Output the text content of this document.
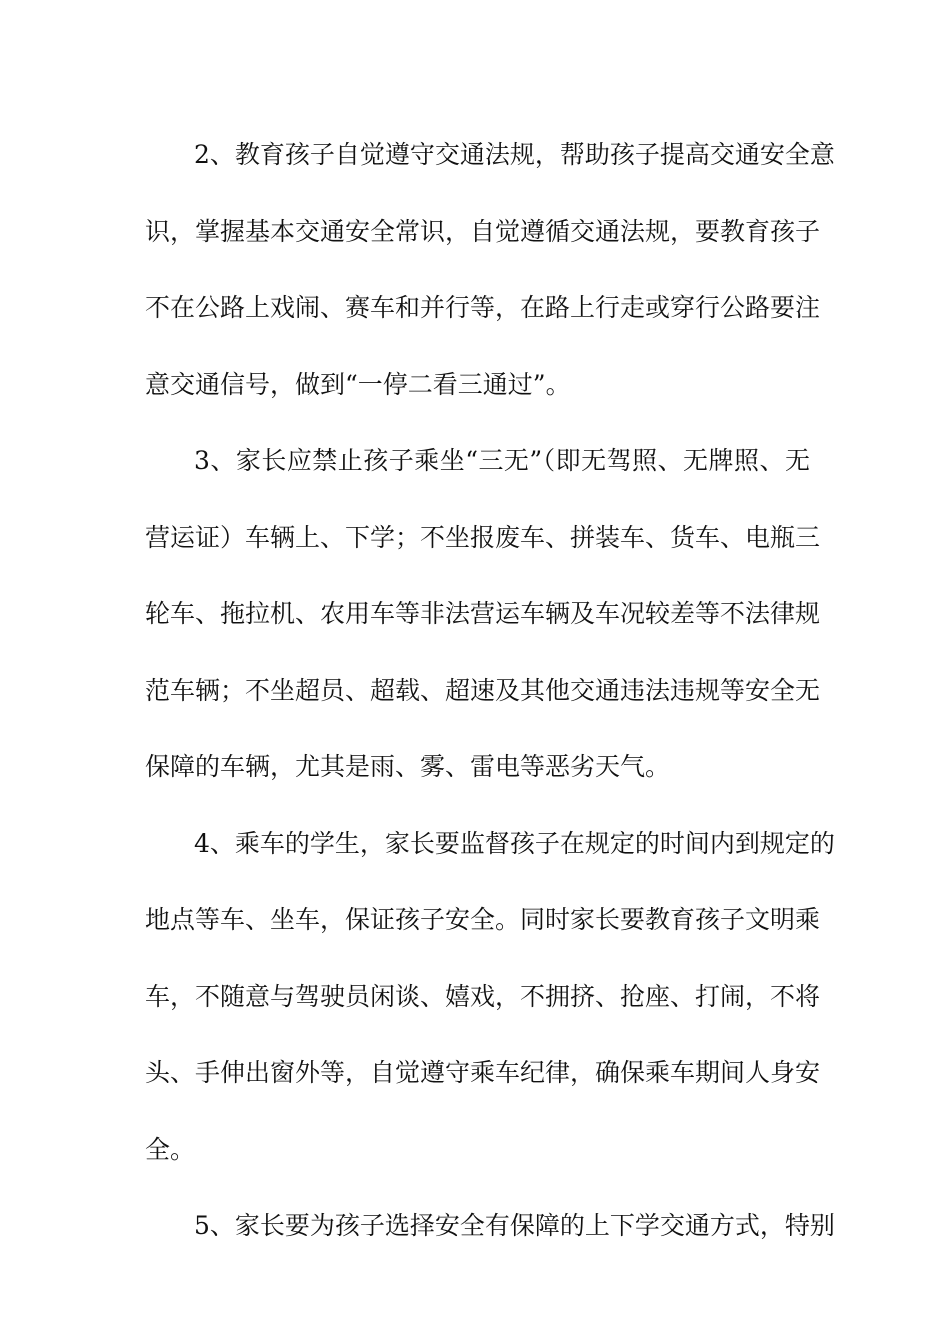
2、教育孩子自觉遵守交通法规，帮助孩子提高交通安全意
识，掌握基本交通安全常识，自觉遵循交通法规，要教育孩子
不在公路上戏闹、赛车和并行等，在路上行走或穿行公路要注
意交通信号，做到“一停二看三通过”。
3、家长应禁止孩子乘坐“三无”（即无驾照、无牌照、无
营运证）车辆上、下学；不坐报废车、拼装车、货车、电瓶三
轮车、拖拉机、农用车等非法营运车辆及车况较差等不法律规
范车辆；不坐超员、超载、超速及其他交通违法违规等安全无
保障的车辆，尤其是雨、雾、雷电等恶劣天气。
4、乘车的学生，家长要监督孩子在规定的时间内到规定的
地点等车、坐车，保证孩子安全。同时家长要教育孩子文明乘
车，不随意与驾驶员闲谈、嬉戏，不拥挤、抢座、打闹，不将
头、手伸出窗外等，自觉遵守乘车纪律，确保乘车期间人身安
全。
5、家长要为孩子选择安全有保障的上下学交通方式，特别
